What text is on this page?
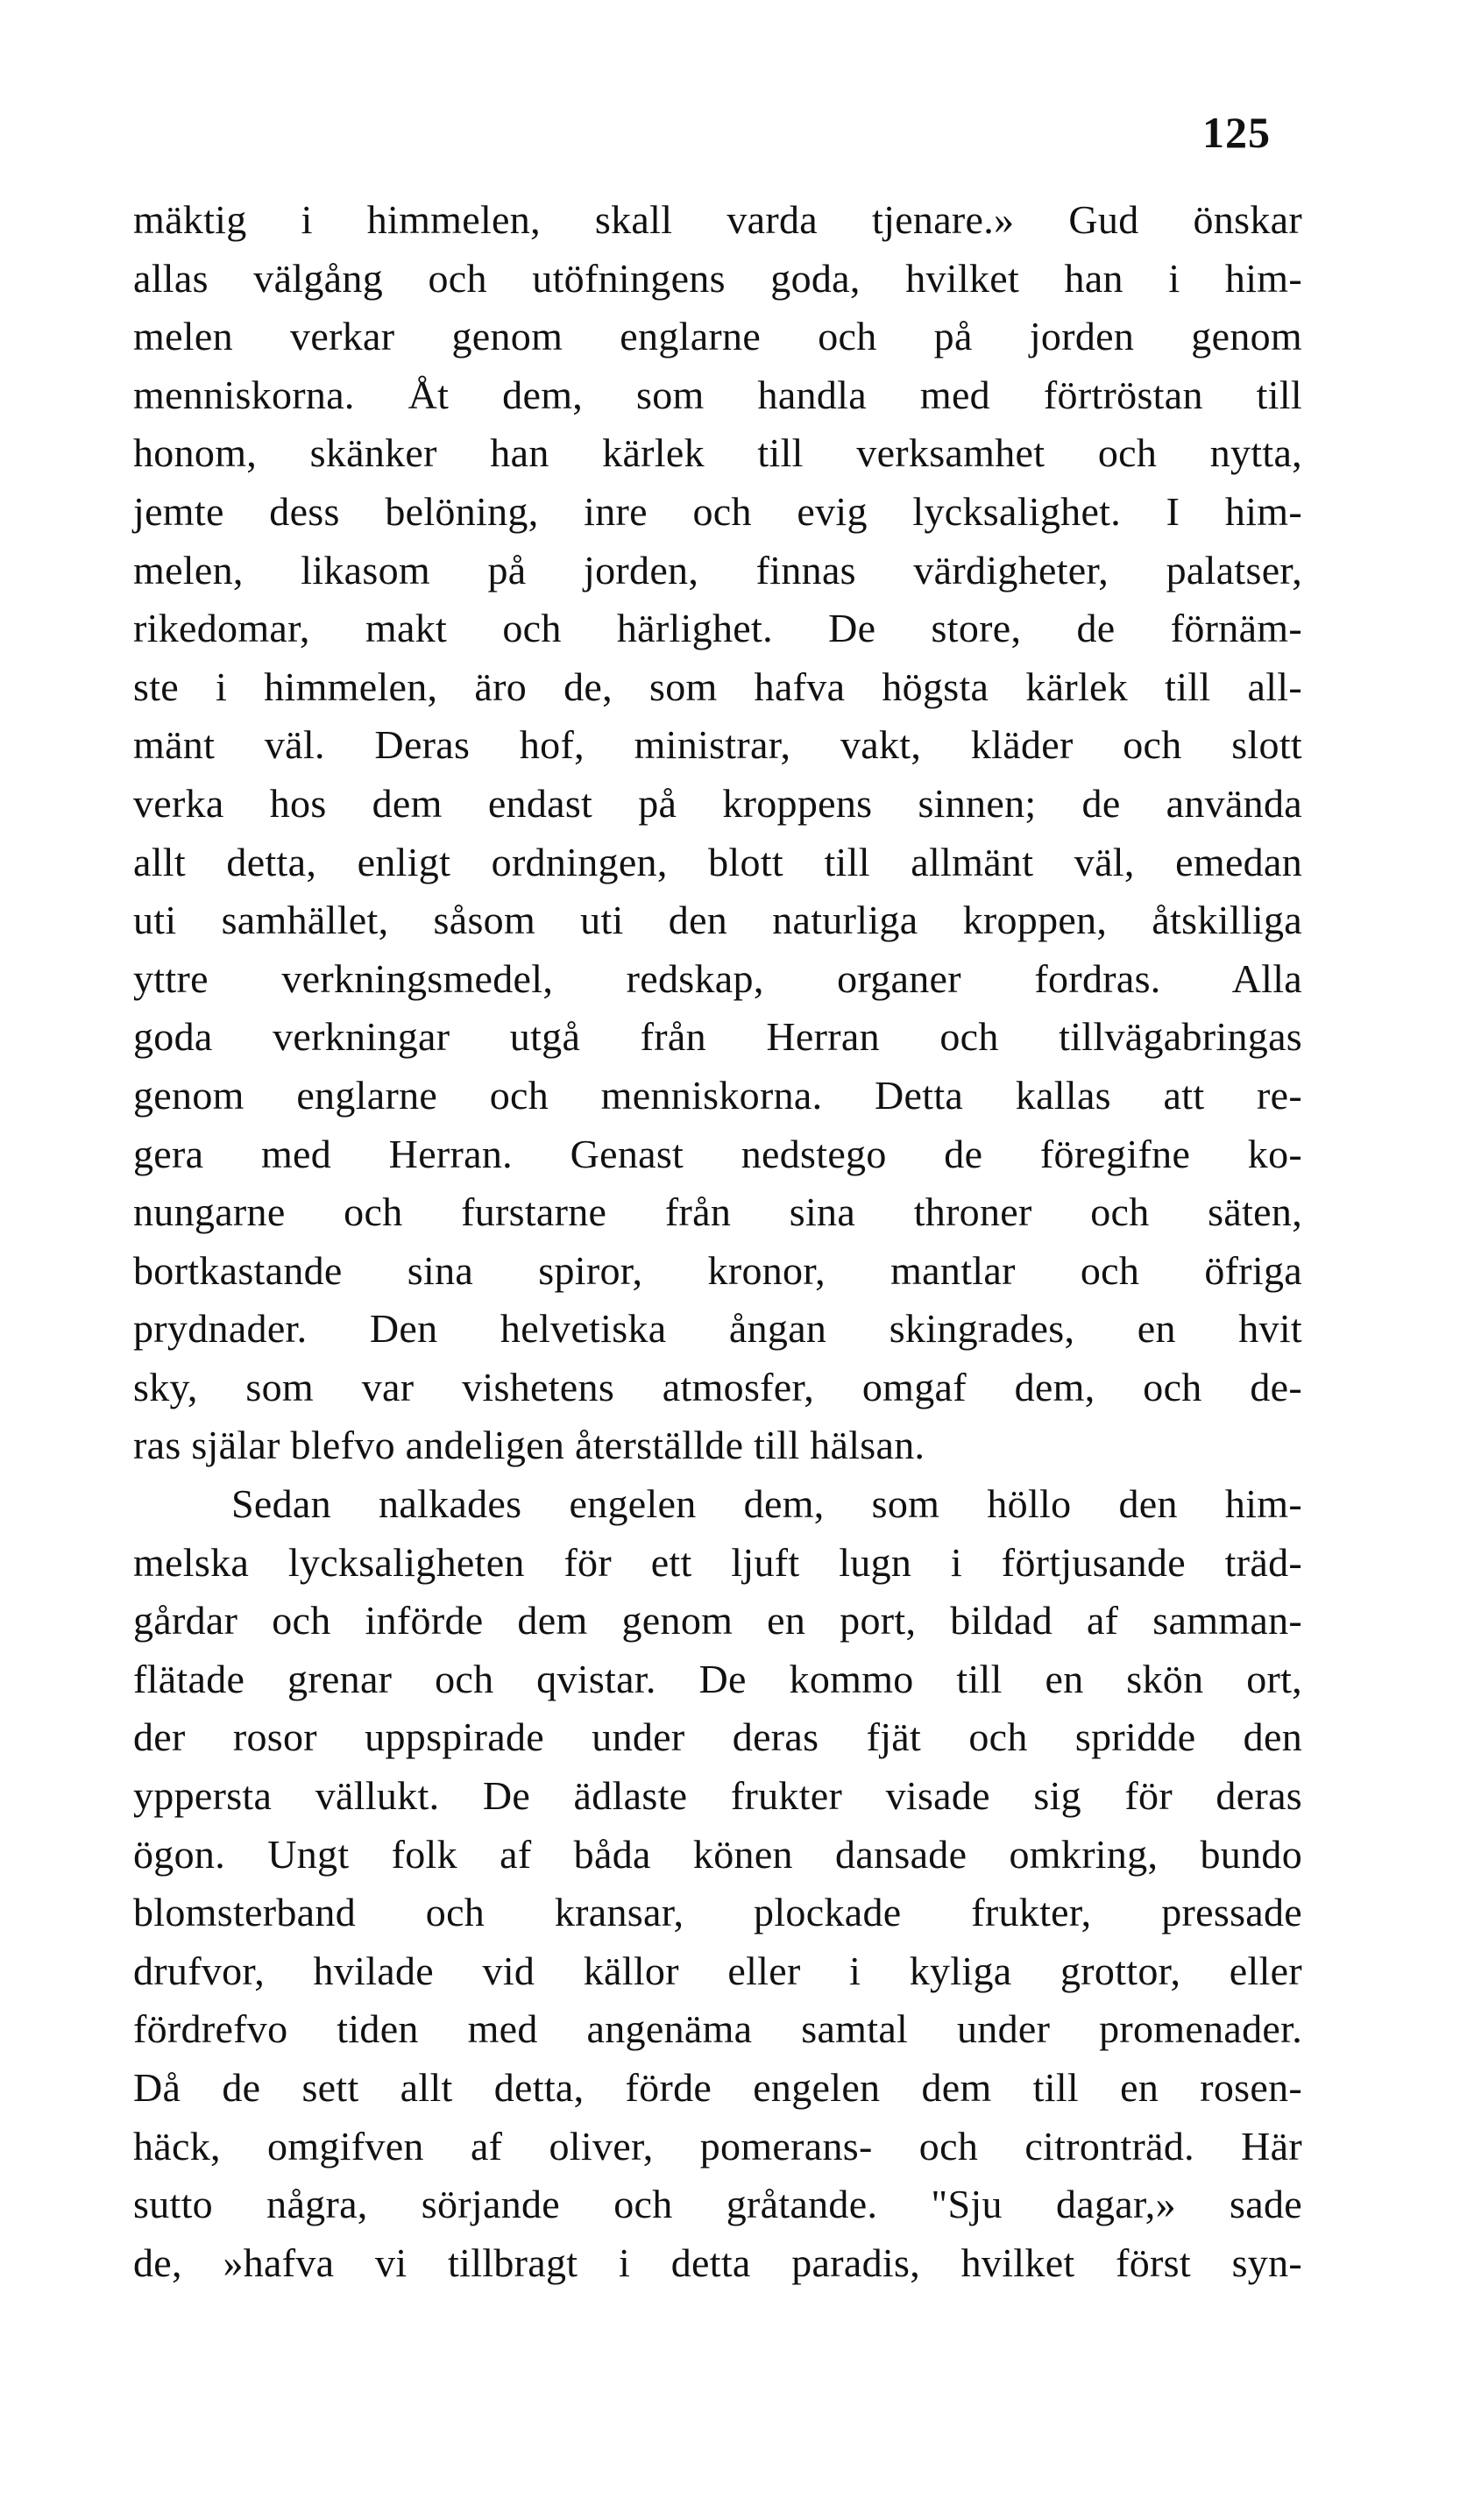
125
mäktig i himmelen, skall varda tjenare.» Gud önskar
allas välgång och utöfningens goda, hvilket han i him-
melen verkar genom englarne och på jorden genom
menniskorna. Åt dem, som handla med förtröstan till
honom, skänker han kärlek till verksamhet och nytta,
jemte dess belöning, inre och evig lycksalighet. I him-
melen, likasom på jorden, finnas värdigheter, palatser,
rikedomar, makt och härlighet. De store, de förnäm-
ste i himmelen, äro de, som hafva högsta kärlek till all-
mänt väl. Deras hof, ministrar, vakt, kläder och slott
verka hos dem endast på kroppens sinnen; de använda
allt detta, enligt ordningen, blott till allmänt väl, emedan
uti samhället, såsom uti den naturliga kroppen, åtskilliga
yttre verkningsmedel, redskap, organer fordras. Alla
goda verkningar utgå från Herran och tillvägabringas
genom englarne och menniskorna. Detta kallas att re-
gera med Herran. Genast nedstego de föregifne ko-
nungarne och furstarne från sina throner och säten,
bortkastande sina spiror, kronor, mantlar och öfriga
prydnader. Den helvetiska ångan skingrades, en hvit
sky, som var vishetens atmosfer, omgaf dem, och de-
ras själar blefvo andeligen återställde till hälsan.
Sedan nalkades engelen dem, som höllo den him-
melska lycksaligheten för ett ljuft lugn i förtjusande träd-
gårdar och införde dem genom en port, bildad af samman-
flätade grenar och qvistar. De kommo till en skön ort,
der rosor uppspirade under deras fjät och spridde den
yppersta vällukt. De ädlaste frukter visade sig för deras
ögon. Ungt folk af båda könen dansade omkring, bundo
blomsterband och kransar, plockade frukter, pressade
drufvor, hvilade vid källor eller i kyliga grottor, eller
fördrefvo tiden med angenäma samtal under promenader.
Då de sett allt detta, förde engelen dem till en rosen-
häck, omgifven af oliver, pomerans- och citronträd. Här
sutto några, sörjande och gråtande. "Sju dagar,» sade
de, »hafva vi tillbragt i detta paradis, hvilket först syn-
